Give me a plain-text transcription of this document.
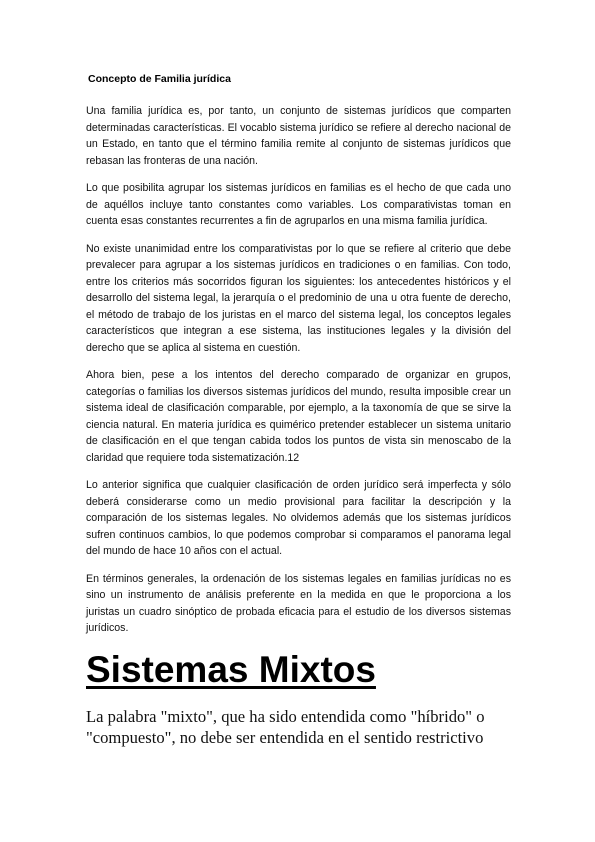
Concepto de Familia jurídica

Una familia jurídica es, por tanto, un conjunto de sistemas jurídicos que comparten determinadas características. El vocablo sistema jurídico se refiere al derecho nacional de un Estado, en tanto que el término familia remite al conjunto de sistemas jurídicos que rebasan las fronteras de una nación.

Lo que posibilita agrupar los sistemas jurídicos en familias es el hecho de que cada uno de aquéllos incluye tanto constantes como variables. Los comparativistas toman en cuenta esas constantes recurrentes a fin de agruparlos en una misma familia jurídica.

No existe unanimidad entre los comparativistas por lo que se refiere al criterio que debe prevalecer para agrupar a los sistemas jurídicos en tradiciones o en familias. Con todo, entre los criterios más socorridos figuran los siguientes: los antecedentes históricos y el desarrollo del sistema legal, la jerarquía o el predominio de una u otra fuente de derecho, el método de trabajo de los juristas en el marco del sistema legal, los conceptos legales característicos que integran a ese sistema, las instituciones legales y la división del derecho que se aplica al sistema en cuestión.

Ahora bien, pese a los intentos del derecho comparado de organizar en grupos, categorías o familias los diversos sistemas jurídicos del mundo, resulta imposible crear un sistema ideal de clasificación comparable, por ejemplo, a la taxonomía de que se sirve la ciencia natural. En materia jurídica es quimérico pretender establecer un sistema unitario de clasificación en el que tengan cabida todos los puntos de vista sin menoscabo de la claridad que requiere toda sistematización.12

Lo anterior significa que cualquier clasificación de orden jurídico será imperfecta y sólo deberá considerarse como un medio provisional para facilitar la descripción y la comparación de los sistemas legales. No olvidemos además que los sistemas jurídicos sufren continuos cambios, lo que podemos comprobar si comparamos el panorama legal del mundo de hace 10 años con el actual.

En términos generales, la ordenación de los sistemas legales en familias jurídicas no es sino un instrumento de análisis preferente en la medida en que le proporciona a los juristas un cuadro sinóptico de probada eficacia para el estudio de los diversos sistemas jurídicos.

Sistemas Mixtos

La palabra "mixto", que ha sido entendida como "híbrido" o "compuesto", no debe ser entendida en el sentido restrictivo
